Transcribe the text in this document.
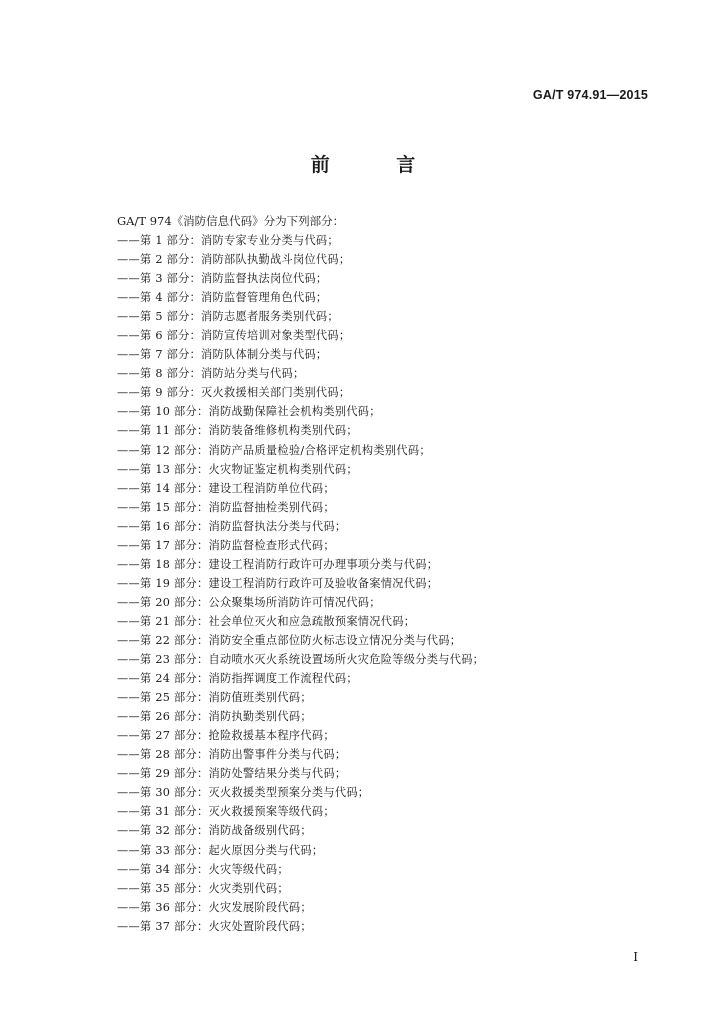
GA/T 974.91—2015
前 言
GA/T 974《消防信息代码》分为下列部分：
——第 1 部分：消防专家专业分类与代码；
——第 2 部分：消防部队执勤战斗岗位代码；
——第 3 部分：消防监督执法岗位代码；
——第 4 部分：消防监督管理角色代码；
——第 5 部分：消防志愿者服务类别代码；
——第 6 部分：消防宣传培训对象类型代码；
——第 7 部分：消防队体制分类与代码；
——第 8 部分：消防站分类与代码；
——第 9 部分：灭火救援相关部门类别代码；
——第 10 部分：消防战勤保障社会机构类别代码；
——第 11 部分：消防装备维修机构类别代码；
——第 12 部分：消防产品质量检验/合格评定机构类别代码；
——第 13 部分：火灾物证鉴定机构类别代码；
——第 14 部分：建设工程消防单位代码；
——第 15 部分：消防监督抽检类别代码；
——第 16 部分：消防监督执法分类与代码；
——第 17 部分：消防监督检查形式代码；
——第 18 部分：建设工程消防行政许可办理事项分类与代码；
——第 19 部分：建设工程消防行政许可及验收备案情况代码；
——第 20 部分：公众聚集场所消防许可情况代码；
——第 21 部分：社会单位灭火和应急疏散预案情况代码；
——第 22 部分：消防安全重点部位防火标志设立情况分类与代码；
——第 23 部分：自动喷水灭火系统设置场所火灾危险等级分类与代码；
——第 24 部分：消防指挥调度工作流程代码；
——第 25 部分：消防值班类别代码；
——第 26 部分：消防执勤类别代码；
——第 27 部分：抢险救援基本程序代码；
——第 28 部分：消防出警事件分类与代码；
——第 29 部分：消防处警结果分类与代码；
——第 30 部分：灭火救援类型预案分类与代码；
——第 31 部分：灭火救援预案等级代码；
——第 32 部分：消防战备级别代码；
——第 33 部分：起火原因分类与代码；
——第 34 部分：火灾等级代码；
——第 35 部分：火灾类别代码；
——第 36 部分：火灾发展阶段代码；
——第 37 部分：火灾处置阶段代码；
I
